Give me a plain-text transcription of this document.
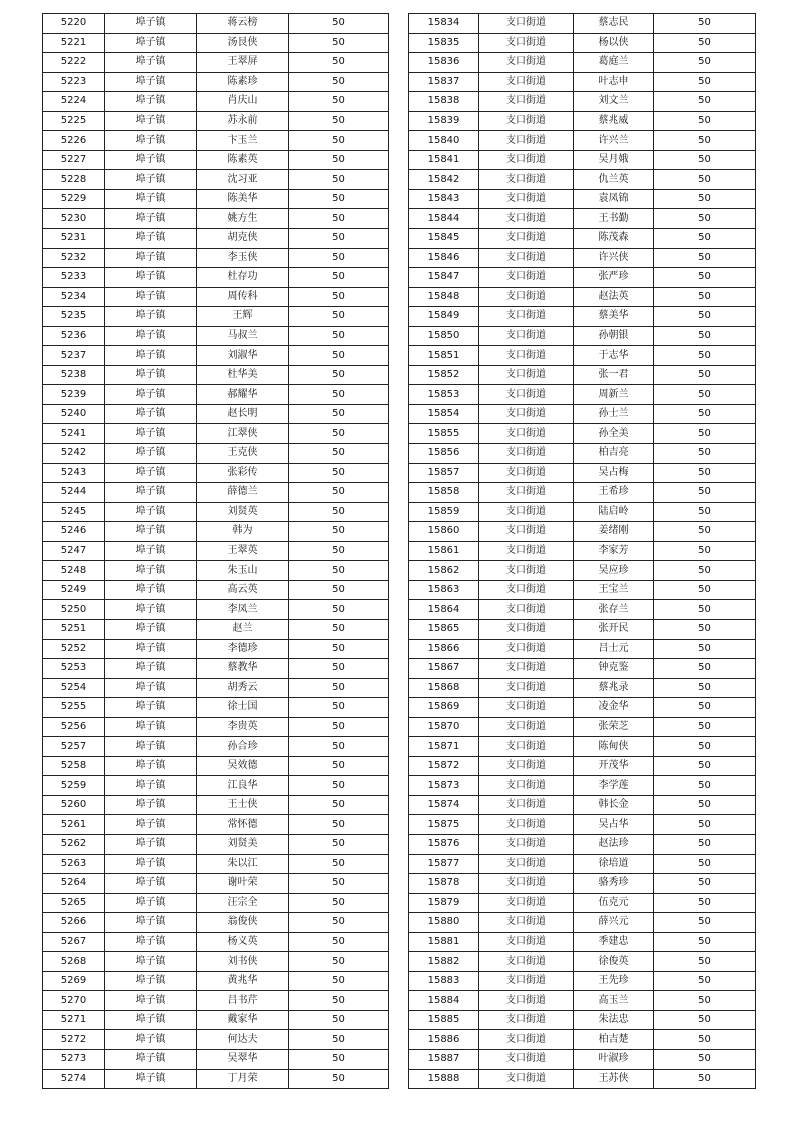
5220	埠子镇	蒋云榜	50
5221	埠子镇	汤艮侠	50
5222	埠子镇	王翠屏	50
5223	埠子镇	陈素珍	50
5224	埠子镇	肖庆山	50
5225	埠子镇	苏永前	50
5226	埠子镇	卞玉兰	50
5227	埠子镇	陈素英	50
5228	埠子镇	沈习亚	50
5229	埠子镇	陈美华	50
5230	埠子镇	姚方生	50
5231	埠子镇	胡克侠	50
5232	埠子镇	李玉侠	50
5233	埠子镇	杜存功	50
5234	埠子镇	周传科	50
5235	埠子镇	王辉	50
5236	埠子镇	马叔兰	50
5237	埠子镇	刘淑华	50
5238	埠子镇	杜华美	50
5239	埠子镇	郝耀华	50
5240	埠子镇	赵长明	50
5241	埠子镇	江翠侠	50
5242	埠子镇	王克侠	50
5243	埠子镇	张彩传	50
5244	埠子镇	薛德兰	50
5245	埠子镇	刘贤英	50
5246	埠子镇	韩为	50
5247	埠子镇	王翠英	50
5248	埠子镇	朱玉山	50
5249	埠子镇	高云英	50
5250	埠子镇	李凤兰	50
5251	埠子镇	赵兰	50
5252	埠子镇	李德珍	50
5253	埠子镇	蔡教华	50
5254	埠子镇	胡秀云	50
5255	埠子镇	徐士国	50
5256	埠子镇	李贵英	50
5257	埠子镇	孙合珍	50
5258	埠子镇	吴效德	50
5259	埠子镇	江良华	50
5260	埠子镇	王士侠	50
5261	埠子镇	常怀德	50
5262	埠子镇	刘贤美	50
5263	埠子镇	朱以江	50
5264	埠子镇	谢叶荣	50
5265	埠子镇	汪宗全	50
5266	埠子镇	翁俊侠	50
5267	埠子镇	杨义英	50
5268	埠子镇	刘书侠	50
5269	埠子镇	黄兆华	50
5270	埠子镇	吕书芹	50
5271	埠子镇	戴家华	50
5272	埠子镇	何达夫	50
5273	埠子镇	吴翠华	50
5274	埠子镇	丁月荣	50
15834	支口街道	蔡志民	50
15835	支口街道	杨以侠	50
15836	支口街道	葛庭兰	50
15837	支口街道	叶志申	50
15838	支口街道	刘文兰	50
15839	支口街道	蔡兆威	50
15840	支口街道	许兴兰	50
15841	支口街道	吴月娥	50
15842	支口街道	仇兰英	50
15843	支口街道	袁凤锦	50
15844	支口街道	王书勤	50
15845	支口街道	陈茂森	50
15846	支口街道	许兴侠	50
15847	支口街道	张严珍	50
15848	支口街道	赵法英	50
15849	支口街道	蔡美华	50
15850	支口街道	孙朝银	50
15851	支口街道	于志华	50
15852	支口街道	张一君	50
15853	支口街道	周新兰	50
15854	支口街道	孙士兰	50
15855	支口街道	孙全美	50
15856	支口街道	柏吉亮	50
15857	支口街道	吴占梅	50
15858	支口街道	王希珍	50
15859	支口街道	陆启岭	50
15860	支口街道	姜绪刚	50
15861	支口街道	李家芳	50
15862	支口街道	吴应珍	50
15863	支口街道	王宝兰	50
15864	支口街道	张存兰	50
15865	支口街道	张开民	50
15866	支口街道	吕士元	50
15867	支口街道	钟克鉴	50
15868	支口街道	蔡兆录	50
15869	支口街道	凌金华	50
15870	支口街道	张荣芝	50
15871	支口街道	陈甸侠	50
15872	支口街道	开茂华	50
15873	支口街道	李学莲	50
15874	支口街道	韩长金	50
15875	支口街道	吴占华	50
15876	支口街道	赵法珍	50
15877	支口街道	徐培道	50
15878	支口街道	骆秀珍	50
15879	支口街道	伍克元	50
15880	支口街道	薛兴元	50
15881	支口街道	季建忠	50
15882	支口街道	徐俊英	50
15883	支口街道	王先珍	50
15884	支口街道	高玉兰	50
15885	支口街道	朱法忠	50
15886	支口街道	柏吉楚	50
15887	支口街道	叶淑珍	50
15888	支口街道	王苏侠	50
